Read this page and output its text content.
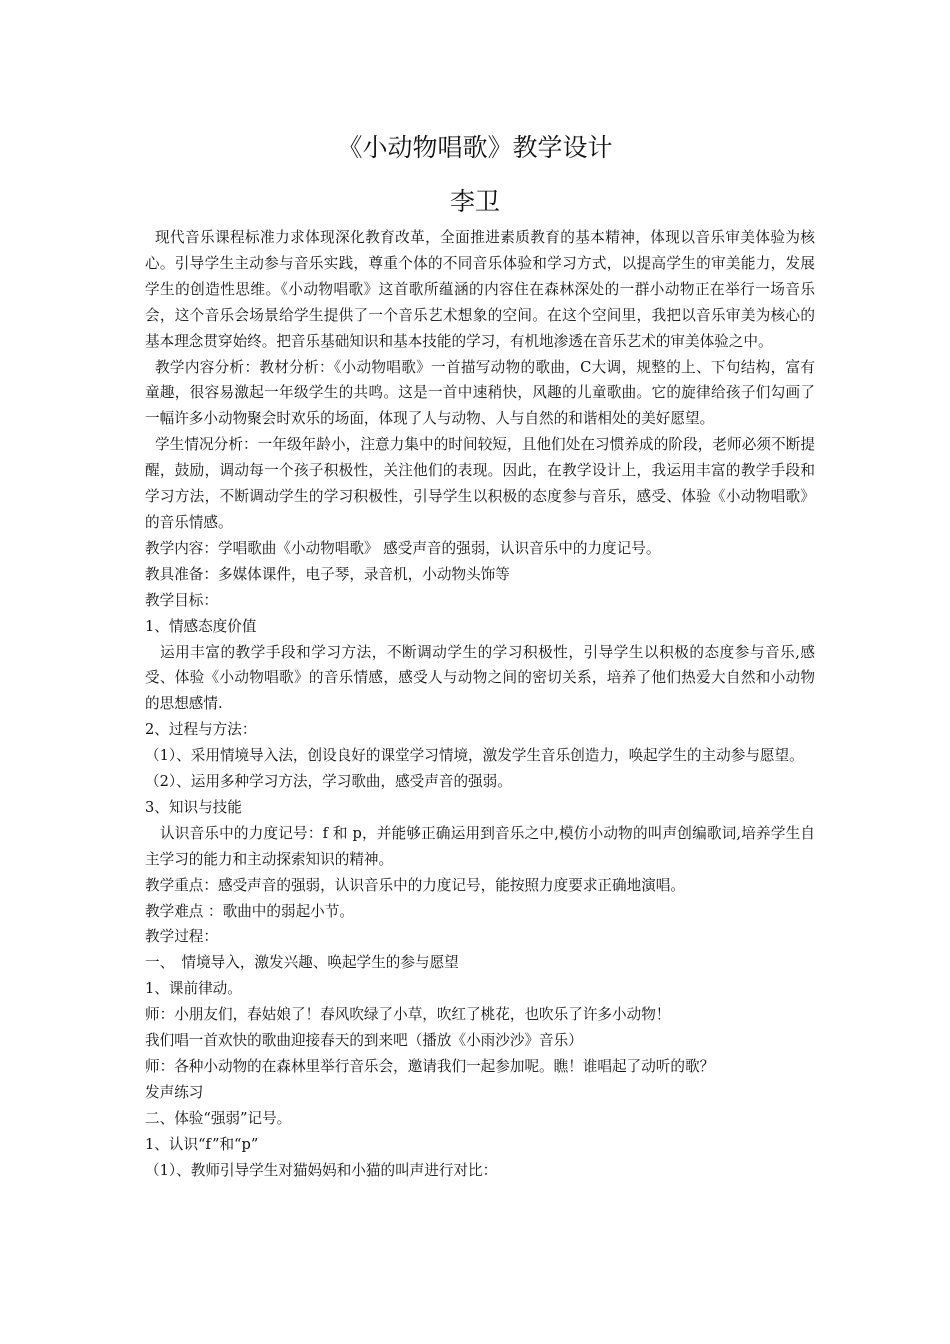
《小动物唱歌》教学设计
李卫

现代音乐课程标准力求体现深化教育改革，全面推进素质教育的基本精神，体现以音乐审美体验为核心。引导学生主动参与音乐实践，尊重个体的不同音乐体验和学习方式，以提高学生的审美能力，发展学生的创造性思维。《小动物唱歌》这首歌所蕴涵的内容住在森林深处的一群小动物正在举行一场音乐会，这个音乐会场景给学生提供了一个音乐艺术想象的空间。在这个空间里，我把以音乐审美为核心的基本理念贯穿始终。把音乐基础知识和基本技能的学习，有机地渗透在音乐艺术的审美体验之中。

教学内容分析：教材分析：《小动物唱歌》一首描写动物的歌曲，C大调，规整的上、下句结构，富有童趣，很容易激起一年级学生的共鸣。这是一首中速稍快，风趣的儿童歌曲。它的旋律给孩子们勾画了一幅许多小动物聚会时欢乐的场面，体现了人与动物、人与自然的和谐相处的美好愿望。

学生情况分析：一年级年龄小，注意力集中的时间较短，且他们处在习惯养成的阶段，老师必须不断提醒，鼓励，调动每一个孩子积极性，关注他们的表现。因此，在教学设计上，我运用丰富的教学手段和学习方法，不断调动学生的学习积极性，引导学生以积极的态度参与音乐，感受、体验《小动物唱歌》的音乐情感。

教学内容：学唱歌曲《小动物唱歌》 感受声音的强弱，认识音乐中的力度记号。

教具准备：多媒体课件，电子琴，录音机，小动物头饰等

教学目标：

1、情感态度价值

运用丰富的教学手段和学习方法，不断调动学生的学习积极性，引导学生以积极的态度参与音乐,感受、体验《小动物唱歌》的音乐情感，感受人与动物之间的密切关系，培养了他们热爱大自然和小动物的思想感情.

2、过程与方法：

（1）、采用情境导入法，创设良好的课堂学习情境，激发学生音乐创造力，唤起学生的主动参与愿望。

（2）、运用多种学习方法，学习歌曲，感受声音的强弱。

3、知识与技能

认识音乐中的力度记号：f 和 p，并能够正确运用到音乐之中,模仿小动物的叫声创编歌词,培养学生自主学习的能力和主动探索知识的精神。

教学重点：感受声音的强弱，认识音乐中的力度记号，能按照力度要求正确地演唱。

教学难点 ：歌曲中的弱起小节。

教学过程：

一、　情境导入，激发兴趣、唤起学生的参与愿望

1、课前律动。

师：小朋友们，春姑娘了！春风吹绿了小草，吹红了桃花，也吹乐了许多小动物！

我们唱一首欢快的歌曲迎接春天的到来吧（播放《小雨沙沙》音乐）

师：各种小动物的在森林里举行音乐会，邀请我们一起参加呢。瞧！谁唱起了动听的歌？

发声练习

二、体验“强弱”记号。

1、认识“f”和“p”

（1）、教师引导学生对猫妈妈和小猫的叫声进行对比：
